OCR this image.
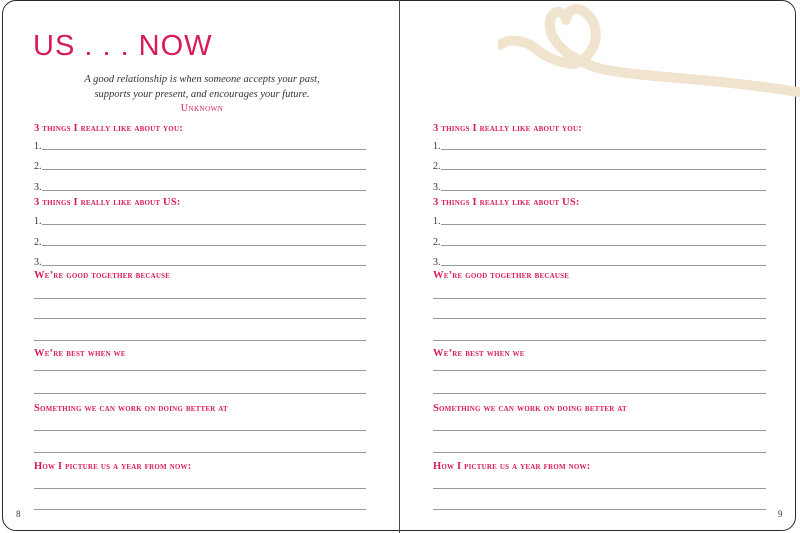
US . . . NOW
A good relationship is when someone accepts your past,
supports your present, and encourages your future.
Unknown
3 things I really like about you:
1.
2.
3.
3 things I really like about US:
1.
2.
3.
We’re good together because
We’re best when we
Something we can work on doing better at
How I picture us a year from now:
8
3 things I really like about you:
1.
2.
3.
3 things I really like about US:
1.
2.
3.
We’re good together because
We’re best when we
Something we can work on doing better at
How I picture us a year from now:
9
